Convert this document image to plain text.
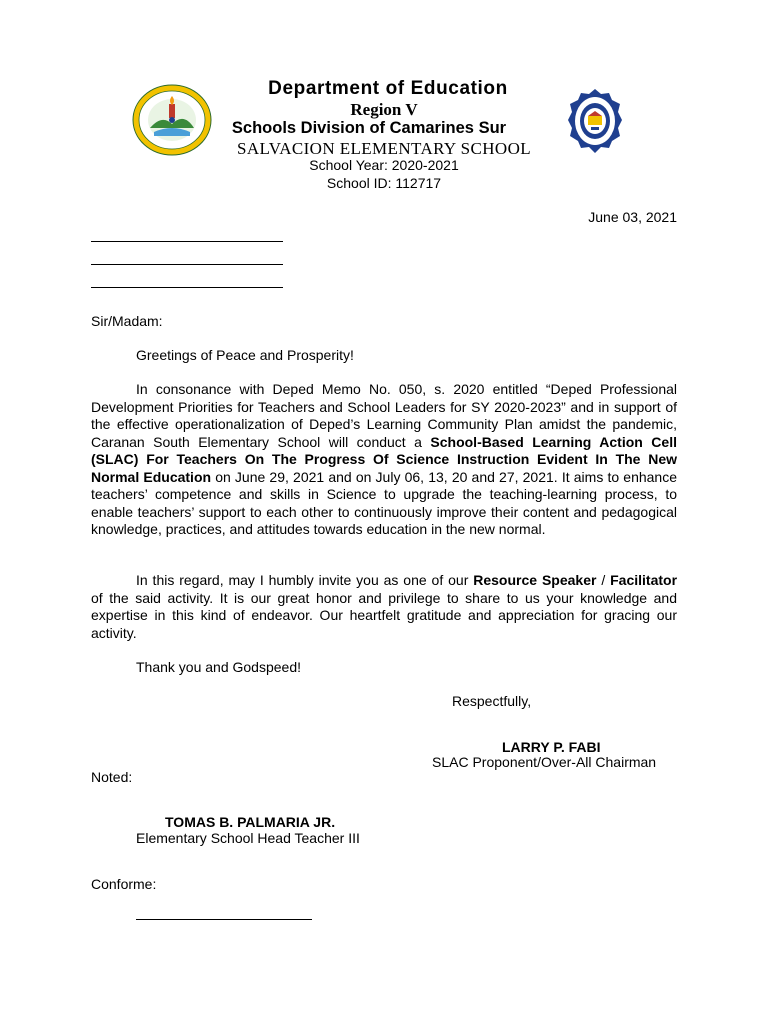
Department of Education
Region V
Schools Division of Camarines Sur
SALVACION ELEMENTARY SCHOOL
School Year: 2020-2021
School ID: 112717
June 03, 2021
Sir/Madam:
Greetings of Peace and Prosperity!
In consonance with Deped Memo No. 050, s. 2020 entitled “Deped Professional Development Priorities for Teachers and School Leaders for SY 2020-2023” and in support of the effective operationalization of Deped’s Learning Community Plan amidst the pandemic, Caranan South Elementary School will conduct a School-Based Learning Action Cell (SLAC) For Teachers On The Progress Of Science Instruction Evident In The New Normal Education on June 29, 2021 and on July 06, 13, 20 and 27, 2021. It aims to enhance teachers’ competence and skills in Science to upgrade the teaching-learning process, to enable teachers’ support to each other to continuously improve their content and pedagogical knowledge, practices, and attitudes towards education in the new normal.
In this regard, may I humbly invite you as one of our Resource Speaker / Facilitator of the said activity. It is our great honor and privilege to share to us your knowledge and expertise in this kind of endeavor. Our heartfelt gratitude and appreciation for gracing our activity.
Thank you and Godspeed!
Respectfully,
LARRY P. FABI
SLAC Proponent/Over-All Chairman
Noted:
TOMAS B. PALMARIA JR.
Elementary School Head Teacher III
Conforme:
